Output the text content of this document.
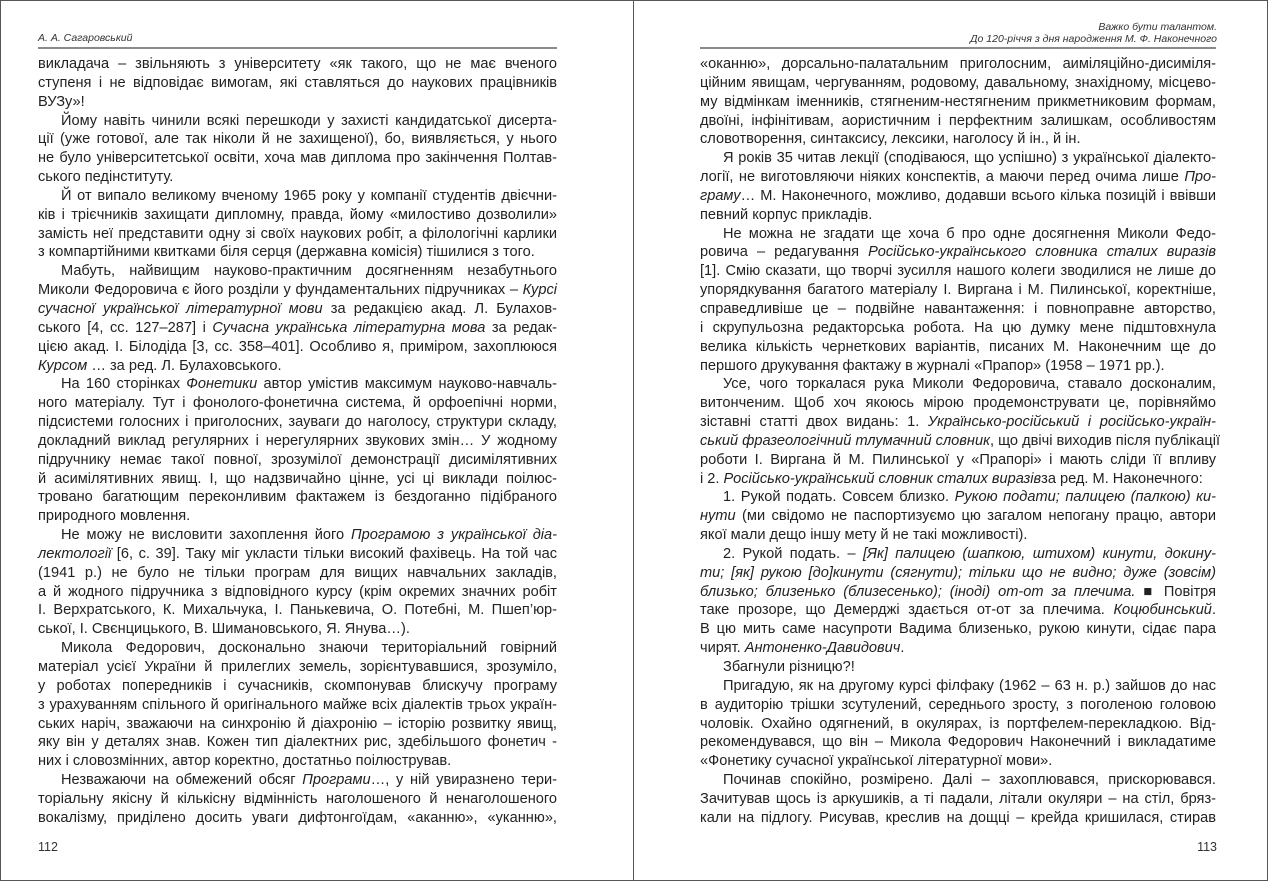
А. А. Сагаровський
викладача – звільняють з університету «як такого, що не має вченого
ступеня і не відповідає вимогам, які ставляться до наукових працівників
ВУЗу»!
Йому навіть чинили всякі перешкоди у захисті кандидатської дисерта-
ції (уже готової, але так ніколи й не захищеної), бо, виявляється, у нього
не було університетської освіти, хоча мав диплома про закінчення Полтав-
ського педінституту.
Й от випало великому вченому 1965 року у компанії студентів двієчни-
ків і трієчників захищати дипломну, правда, йому «милостиво дозволили»
замість неї представити одну зі своїх наукових робіт, а філологічні карлики
з компартійними квитками біля серця (державна комісія) тішилися з того.
Мабуть, найвищим науково-практичним досягненням незабутнього
Миколи Федоровича є його розділи у фундаментальних підручниках – Курсі
сучасної української літературної мови за редакцією акад. Л. Булахов-
ського [4, сс. 127–287] і Сучасна українська літературна мова за редак-
цією акад. І. Білодіда [3, сс. 358–401]. Особливо я, приміром, захоплююся
Курсом … за ред. Л. Булаховського.
На 160 сторінках Фонетики автор умістив максимум науково-навчаль-
ного матеріалу. Тут і фонолого-фонетична система, й орфоепічні норми,
підсистеми голосних і приголосних, зауваги до наголосу, структури складу,
докладний виклад регулярних і нерегулярних звукових змін… У жодному
підручнику немає такої повної, зрозумілої демонстрації дисимілятивних
й асимілятивних явищ. І, що надзвичайно цінне, усі ці виклади поілюс-
тровано багатющим переконливим фактажем із бездоганно підібраного
природного мовлення.
Не можу не висловити захоплення його Програмою з української діа-
лектології [6, с. 39]. Таку міг укласти тільки високий фахівець. На той час
(1941 р.) не було не тільки програм для вищих навчальних закладів,
а й жодного підручника з відповідного курсу (крім окремих значних робіт
І. Верхратського, К. Михальчука, І. Панькевича, О. Потебні, М. Пшеп’юр-
ської, І. Свєнцицького, В. Шимановського, Я. Янува…).
Микола Федорович, досконально знаючи територіальний говірний
матеріал усієї України й прилеглих земель, зорієнтувавшися, зрозуміло,
у роботах попередників і сучасників, скомпонував блискучу програму
з урахуванням спільного й оригінального майже всіх діалектів трьох україн-
ських наріч, зважаючи на синхронію й діахронію – історію розвитку явищ,
яку він у деталях знав. Кожен тип діалектних рис, здебільшого фонетич -
них і словозмінних, автор коректно, достатньо поілюстрував.
Незважаючи на обмежений обсяг Програми…, у ній увиразнено тери-
торіальну якісну й кількісну відмінність наголошеного й ненаголошеного
вокалізму, приділено досить уваги дифтонгоїдам, «аканню», «уканню»,
112
Важко бути талантом.
До 120-річчя з дня народження М. Ф. Наконечного
«оканню», дорсально-палатальним приголосним, аиміляційно-дисиміля-
ційним явищам, чергуванням, родовому, давальному, знахідному, місцево-
му відмінкам іменників, стягненим-нестягненим прикметниковим формам,
двоїні, інфінітивам, аористичним і перфектним залишкам, особливостям
словотворення, синтаксису, лексики, наголосу й ін., й ін.
Я років 35 читав лекції (сподіваюся, що успішно) з української діалекто-
логії, не виготовляючи ніяких конспектів, а маючи перед очима лише Про-
граму… М. Наконечного, можливо, додавши всього кілька позицій і ввівши
певний корпус прикладів.
Не можна не згадати ще хоча б про одне досягнення Миколи Федо-
ровича – редагування Російсько-українського словника сталих виразів
[1]. Смію сказати, що творчі зусилля нашого колеги зводилися не лише до
упорядкування багатого матеріалу І. Виргана і М. Пилинської, коректніше,
справедливіше це – подвійне навантаження: і повноправне авторство,
і скрупульозна редакторська робота. На цю думку мене підштовхнула
велика кількість чернеткових варіантів, писаних М. Наконечним ще до
першого друкування фактажу в журналі «Прапор» (1958 – 1971 рр.).
Усе, чого торкалася рука Миколи Федоровича, ставало досконалим,
витонченим. Щоб хоч якоюсь мірою продемонструвати це, порівняймо
зіставні статті двох видань: 1. Українсько-російський і російсько-україн-
ський фразеологічний тлумачний словник, що двічі виходив після публікації
роботи І. Виргана й М. Пилинської у «Прапорі» і мають сліди її впливу
і 2. Російсько-український словник сталих виразівза ред. М. Наконечного:
1. Рукой подать. Совсем близко. Рукою подати; палицею (палкою) ки-
нути (ми свідомо не паспортизуємо цю загалом непогану працю, автори
якої мали дещо іншу мету й не такі можливості).
2. Рукой подать. – [Як] палицею (шапкою, штихом) кинути, докину-
ти; [як] рукою [до]кинути (сягнути); тільки що не видно; дуже (зовсім)
близько; близенько (близесенько); (іноді) от-от за плечима. ■ Повітря
таке прозоре, що Демерджі здається от-от за плечима. Коцюбинський.
В цю мить саме насупроти Вадима близенько, рукою кинути, сідає пара
чирят. Антоненко-Давидович.
Збагнули різницю?!
Пригадую, як на другому курсі філфаку (1962 – 63 н. р.) зайшов до нас
в аудиторію трішки зсутулений, середнього зросту, з поголеною головою
чоловік. Охайно одягнений, в окулярах, із портфелем-перекладкою. Від-
рекомендувався, що він – Микола Федорович Наконечний і викладатиме
«Фонетику сучасної української літературної мови».
Починав спокійно, розмірено. Далі – захоплювався, прискорювався.
Зачитував щось із аркушиків, а ті падали, літали окуляри – на стіл, бряз-
кали на підлогу. Рисував, креслив на дощці – крейда кришилася, стирав
113
